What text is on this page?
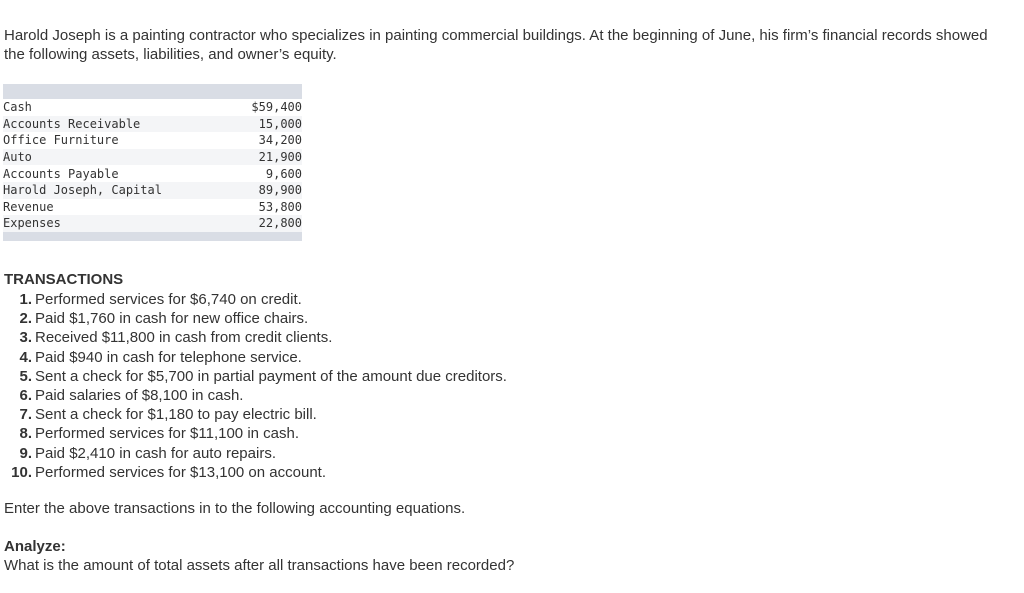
Harold Joseph is a painting contractor who specializes in painting commercial buildings. At the beginning of June, his firm’s financial records showed the following assets, liabilities, and owner’s equity.

Cash	$59,400
Accounts Receivable	15,000
Office Furniture	34,200
Auto	21,900
Accounts Payable	9,600
Harold Joseph, Capital	89,900
Revenue	53,800
Expenses	22,800

TRANSACTIONS
1. Performed services for $6,740 on credit.
2. Paid $1,760 in cash for new office chairs.
3. Received $11,800 in cash from credit clients.
4. Paid $940 in cash for telephone service.
5. Sent a check for $5,700 in partial payment of the amount due creditors.
6. Paid salaries of $8,100 in cash.
7. Sent a check for $1,180 to pay electric bill.
8. Performed services for $11,100 in cash.
9. Paid $2,410 in cash for auto repairs.
10. Performed services for $13,100 on account.
Enter the above transactions in to the following accounting equations.
Analyze:
What is the amount of total assets after all transactions have been recorded?
